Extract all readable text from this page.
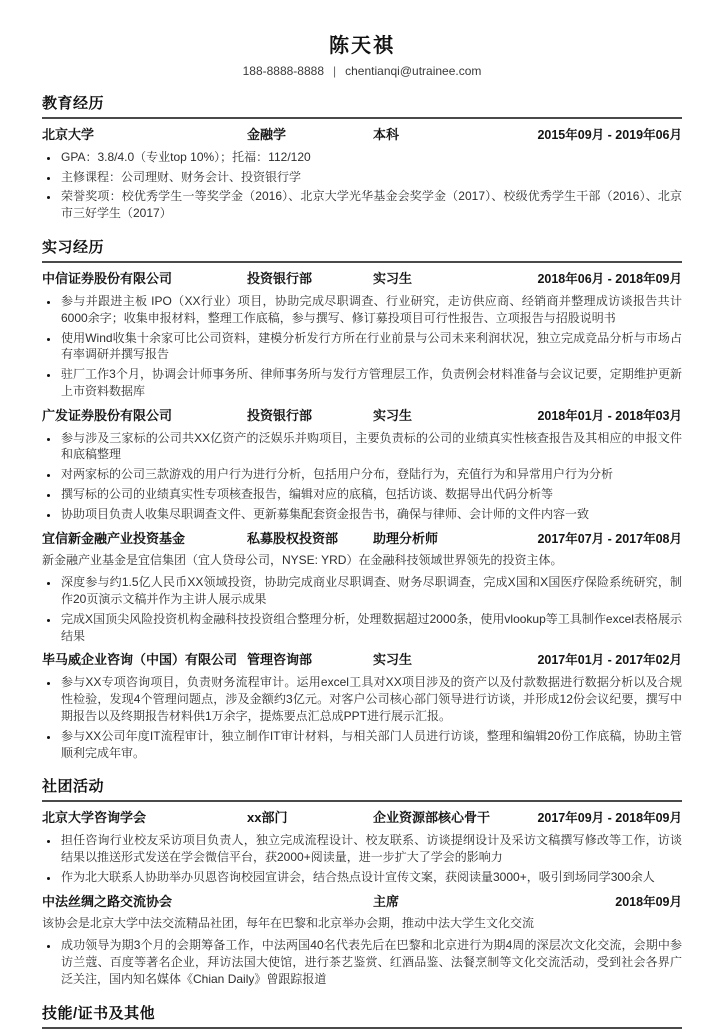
陈天祺
188-8888-8888 | chentianqi@utrainee.com
教育经历
北京大学	金融学	本科	2015年09月 - 2019年06月
• GPA：3.8/4.0（专业top 10%）；托福：112/120
• 主修课程：公司理财、财务会计、投资银行学
• 荣誉奖项：校优秀学生一等奖学金（2016）、北京大学光华基金会奖学金（2017）、校级优秀学生干部（2016）、北京市三好学生（2017）
实习经历
中信证券股份有限公司	投资银行部	实习生	2018年06月 - 2018年09月
• 参与并跟进主板 IPO（XX行业）项目，协助完成尽职调查、行业研究，走访供应商、经销商并整理成访谈报告共计6000余字；收集申报材料，整理工作底稿，参与撰写、修订募投项目可行性报告、立项报告与招股说明书
• 使用Wind收集十余家可比公司资料，建模分析发行方所在行业前景与公司未来利润状况，独立完成竞品分析与市场占有率调研并撰写报告
• 驻厂工作3个月，协调会计师事务所、律师事务所与发行方管理层工作，负责例会材料准备与会议记要，定期维护更新上市资料数据库
广发证券股份有限公司	投资银行部	实习生	2018年01月 - 2018年03月
• 参与涉及三家标的公司共XX亿资产的泛娱乐并购项目，主要负责标的公司的业绩真实性核查报告及其相应的申报文件和底稿整理
• 对两家标的公司三款游戏的用户行为进行分析，包括用户分布，登陆行为，充值行为和异常用户行为分析
• 撰写标的公司的业绩真实性专项核查报告，编辑对应的底稿，包括访谈、数据导出代码分析等
• 协助项目负责人收集尽职调查文件、更新募集配套资金报告书，确保与律师、会计师的文件内容一致
宜信新金融产业投资基金	私募股权投资部	助理分析师	2017年07月 - 2017年08月

新金融产业基金是宜信集团（宜人贷母公司，NYSE: YRD）在金融科技领域世界领先的投资主体。

• 深度参与约1.5亿人民币XX领域投资，协助完成商业尽职调查、财务尽职调查，完成X国和X国医疗保险系统研究，制作20页演示文稿并作为主讲人展示成果
• 完成X国顶尖风险投资机构金融科技投资组合整理分析，处理数据超过2000条，使用vlookup等工具制作excel表格展示结果
毕马威企业咨询（中国）有限公司 管理咨询部	实习生	2017年01月 - 2017年02月
• 参与XX专项咨询项目，负责财务流程审计。运用excel工具对XX项目涉及的资产以及付款数据进行数据分析以及合规性检验，发现4个管理问题点，涉及金额约3亿元。对客户公司核心部门领导进行访谈，并形成12份会议纪要，撰写中期报告以及终期报告材料供1万余字，提炼要点汇总成PPT进行展示汇报。
• 参与XX公司年度IT流程审计，独立制作IT审计材料，与相关部门人员进行访谈，整理和编辑20份工作底稿，协助主管顺利完成年审。
社团活动
北京大学咨询学会	xx部门	企业资源部核心骨干	2017年09月 - 2018年09月
• 担任咨询行业校友采访项目负责人，独立完成流程设计、校友联系、访谈提纲设计及采访文稿撰写修改等工作，访谈结果以推送形式发送在学会微信平台，获2000+阅读量，进一步扩大了学会的影响力
• 作为北大联系人协助举办贝恩咨询校园宣讲会，结合热点设计宣传文案，获阅读量3000+，吸引到场同学300余人
中法丝绸之路交流协会	主席	2018年09月

该协会是北京大学中法交流精品社团，每年在巴黎和北京举办会期，推动中法大学生文化交流

• 成功领导为期3个月的会期筹备工作，中法两国40名代表先后在巴黎和北京进行为期4周的深层次文化交流，会期中参访兰蔻、百度等著名企业，拜访法国大使馆，进行茶艺鉴赏、红酒品鉴、法餐烹制等文化交流活动，受到社会各界广泛关注，国内知名媒体《Chian Daily》曾跟踪报道
技能/证书及其他
